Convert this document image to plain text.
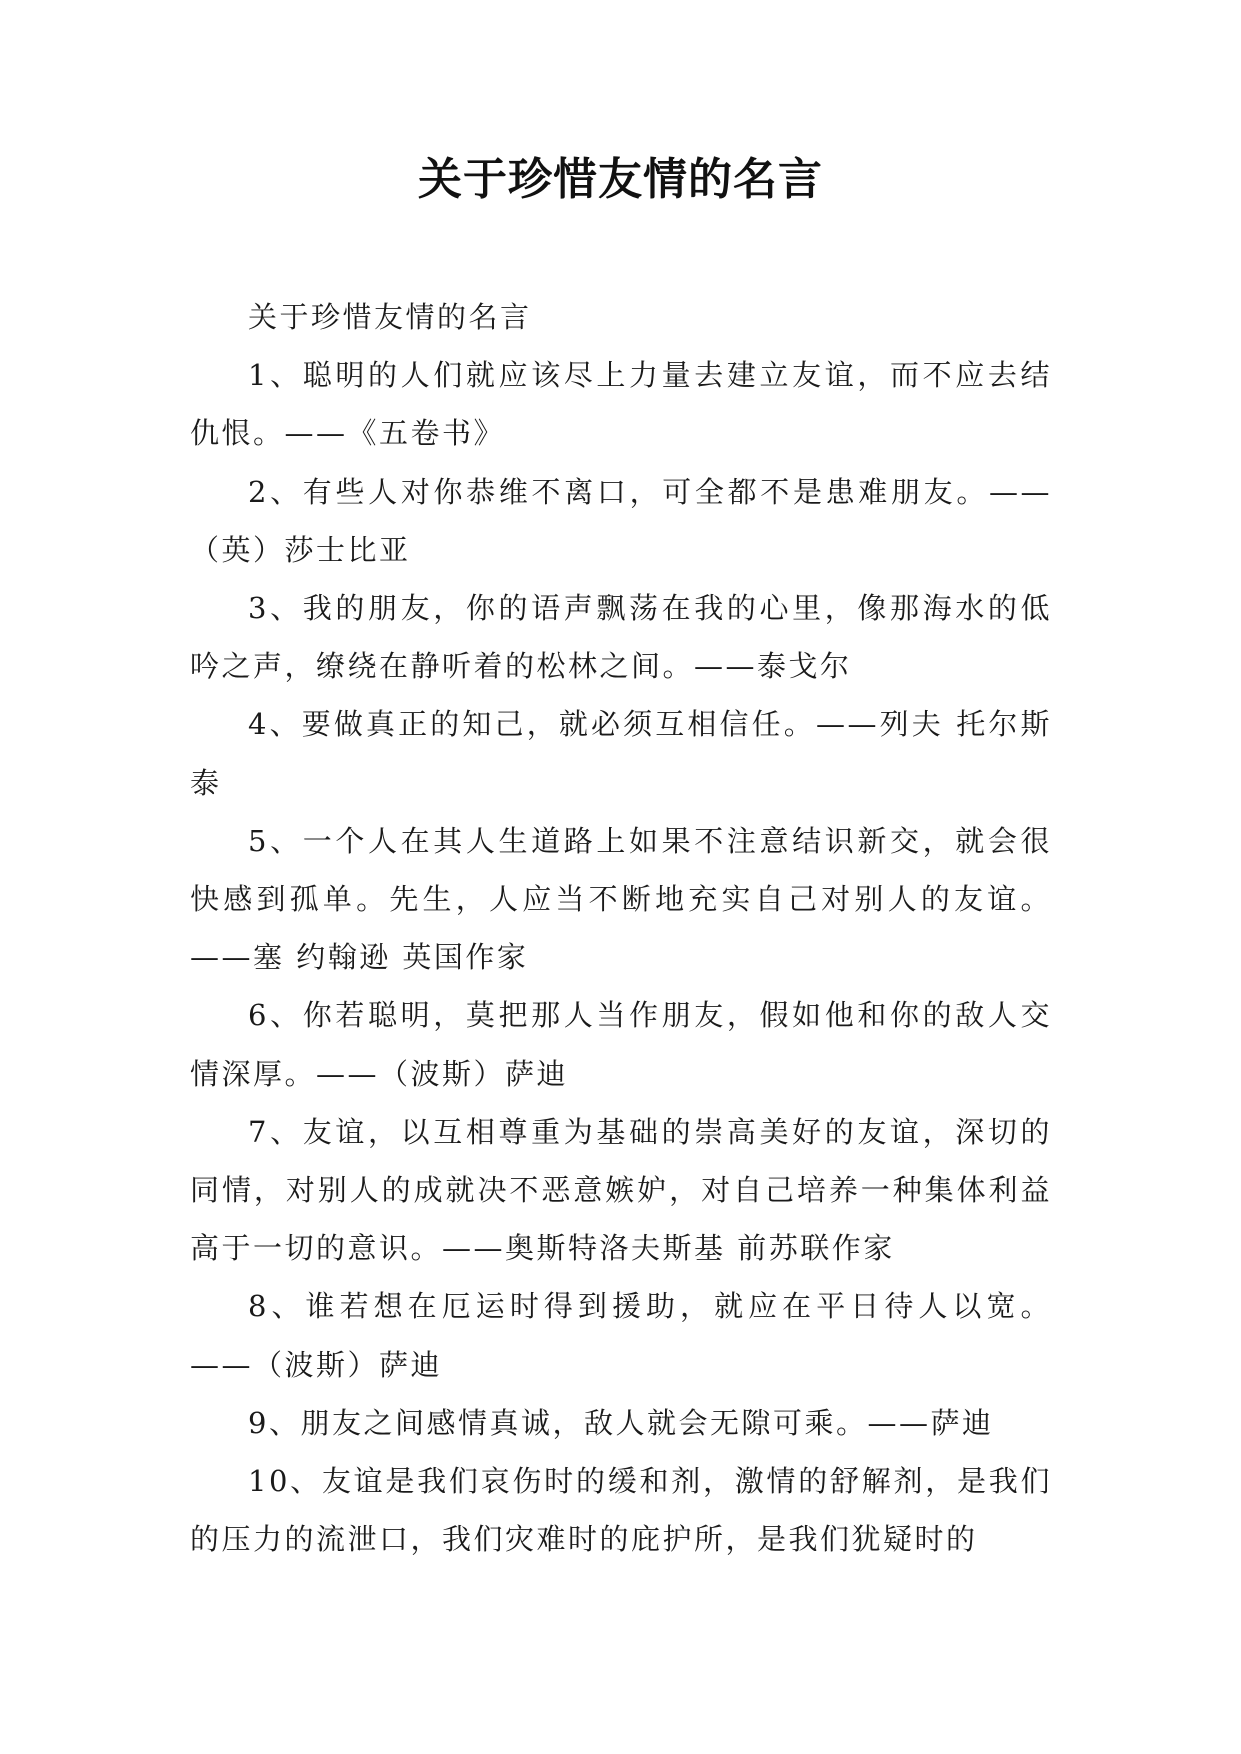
关于珍惜友情的名言

关于珍惜友情的名言

1、聪明的人们就应该尽上力量去建立友谊，而不应去结仇恨。——《五卷书》

2、有些人对你恭维不离口，可全都不是患难朋友。——（英）莎士比亚

3、我的朋友，你的语声飘荡在我的心里，像那海水的低吟之声，缭绕在静听着的松林之间。——泰戈尔

4、要做真正的知己，就必须互相信任。——列夫 托尔斯泰

5、一个人在其人生道路上如果不注意结识新交，就会很快感到孤单。先生，人应当不断地充实自己对别人的友谊。——塞 约翰逊 英国作家

6、你若聪明，莫把那人当作朋友，假如他和你的敌人交情深厚。——（波斯）萨迪

7、友谊，以互相尊重为基础的崇高美好的友谊，深切的同情，对别人的成就决不恶意嫉妒，对自己培养一种集体利益高于一切的意识。——奥斯特洛夫斯基 前苏联作家

8、谁若想在厄运时得到援助，就应在平日待人以宽。——（波斯）萨迪

9、朋友之间感情真诚，敌人就会无隙可乘。——萨迪

10、友谊是我们哀伤时的缓和剂，激情的舒解剂，是我们的压力的流泄口，我们灾难时的庇护所，是我们犹疑时的
